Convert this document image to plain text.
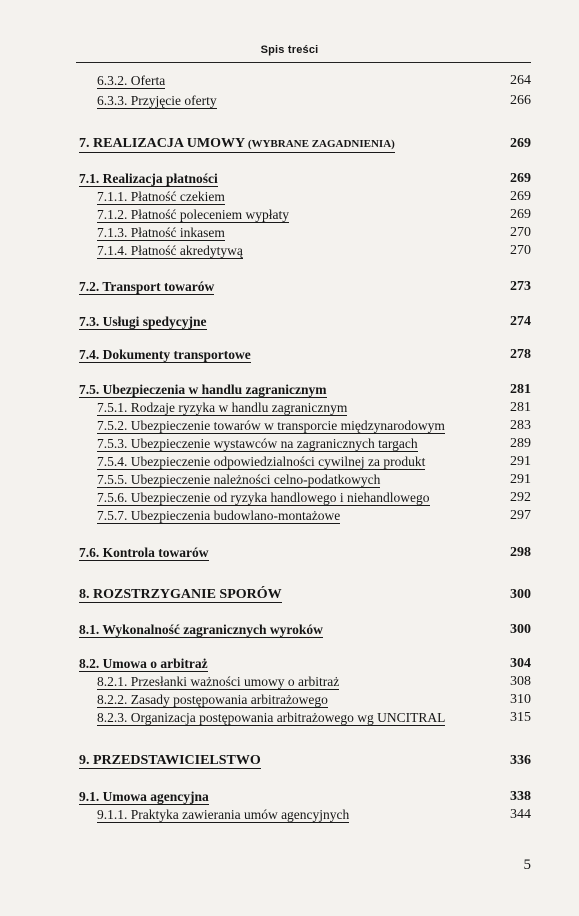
Spis treści
6.3.2. Oferta	264
6.3.3. Przyjęcie oferty	266
7. REALIZACJA UMOWY (WYBRANE ZAGADNIENIA)	269
7.1. Realizacja płatności	269
7.1.1. Płatność czekiem	269
7.1.2. Płatność poleceniem wypłaty	269
7.1.3. Płatność inkasem	270
7.1.4. Płatność akredytywą	270
7.2. Transport towarów	273
7.3. Usługi spedycyjne	274
7.4. Dokumenty transportowe	278
7.5. Ubezpieczenia w handlu zagranicznym	281
7.5.1. Rodzaje ryzyka w handlu zagranicznym	281
7.5.2. Ubezpieczenie towarów w transporcie międzynarodowym	283
7.5.3. Ubezpieczenie wystawców na zagranicznych targach	289
7.5.4. Ubezpieczenie odpowiedzialności cywilnej za produkt	291
7.5.5. Ubezpieczenie należności celno-podatkowych	291
7.5.6. Ubezpieczenie od ryzyka handlowego i niehandlowego	292
7.5.7. Ubezpieczenia budowlano-montażowe	297
7.6. Kontrola towarów	298
8. ROZSTRZYGANIE SPORÓW	300
8.1. Wykonalność zagranicznych wyroków	300
8.2. Umowa o arbitraż	304
8.2.1. Przesłanki ważności umowy o arbitraż	308
8.2.2. Zasady postępowania arbitrażowego	310
8.2.3. Organizacja postępowania arbitrażowego wg UNCITRAL	315
9. PRZEDSTAWICIELSTWO	336
9.1. Umowa agencyjna	338
9.1.1. Praktyka zawierania umów agencyjnych	344
5
